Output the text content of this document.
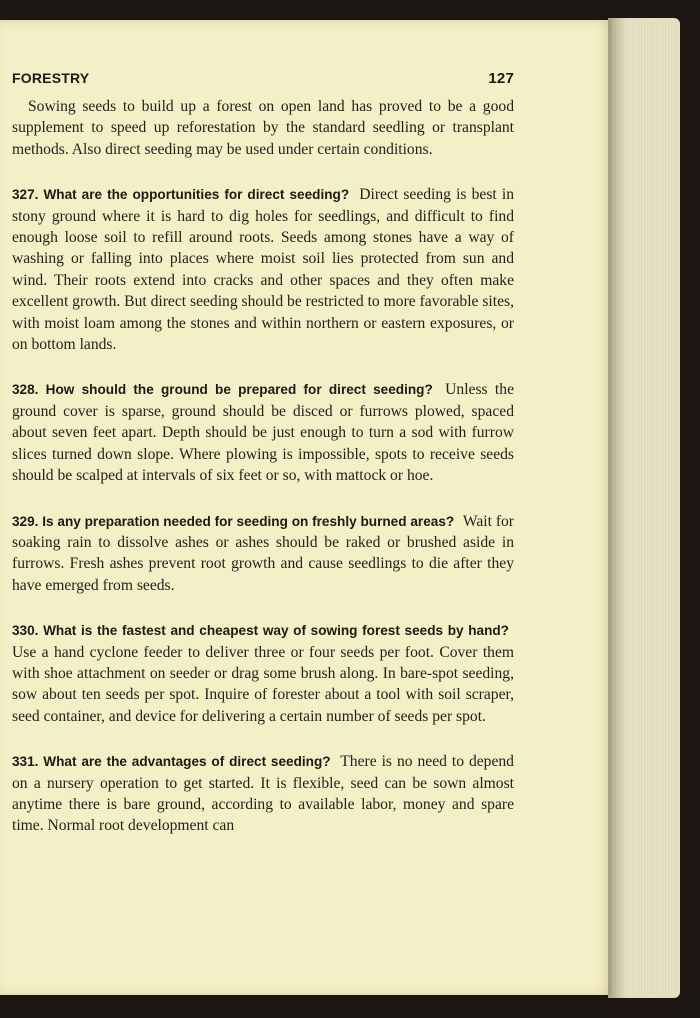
FORESTRY	127

Sowing seeds to build up a forest on open land has proved to be a good supplement to speed up reforestation by the standard seedling or transplant methods. Also direct seeding may be used under certain conditions.

327. What are the opportunities for direct seeding? Direct seeding is best in stony ground where it is hard to dig holes for seedlings, and difficult to find enough loose soil to refill around roots. Seeds among stones have a way of washing or falling into places where moist soil lies protected from sun and wind. Their roots extend into cracks and other spaces and they often make excellent growth. But direct seeding should be restricted to more favorable sites, with moist loam among the stones and within northern or eastern exposures, or on bottom lands.

328. How should the ground be prepared for direct seeding? Unless the ground cover is sparse, ground should be disced or furrows plowed, spaced about seven feet apart. Depth should be just enough to turn a sod with furrow slices turned down slope. Where plowing is impossible, spots to receive seeds should be scalped at intervals of six feet or so, with mattock or hoe.

329. Is any preparation needed for seeding on freshly burned areas? Wait for soaking rain to dissolve ashes or ashes should be raked or brushed aside in furrows. Fresh ashes prevent root growth and cause seedlings to die after they have emerged from seeds.

330. What is the fastest and cheapest way of sowing forest seeds by hand? Use a hand cyclone feeder to deliver three or four seeds per foot. Cover them with shoe attachment on seeder or drag some brush along. In bare-spot seeding, sow about ten seeds per spot. Inquire of forester about a tool with soil scraper, seed container, and device for delivering a certain number of seeds per spot.

331. What are the advantages of direct seeding? There is no need to depend on a nursery operation to get started. It is flexible, seed can be sown almost anytime there is bare ground, according to available labor, money and spare time. Normal root development can
